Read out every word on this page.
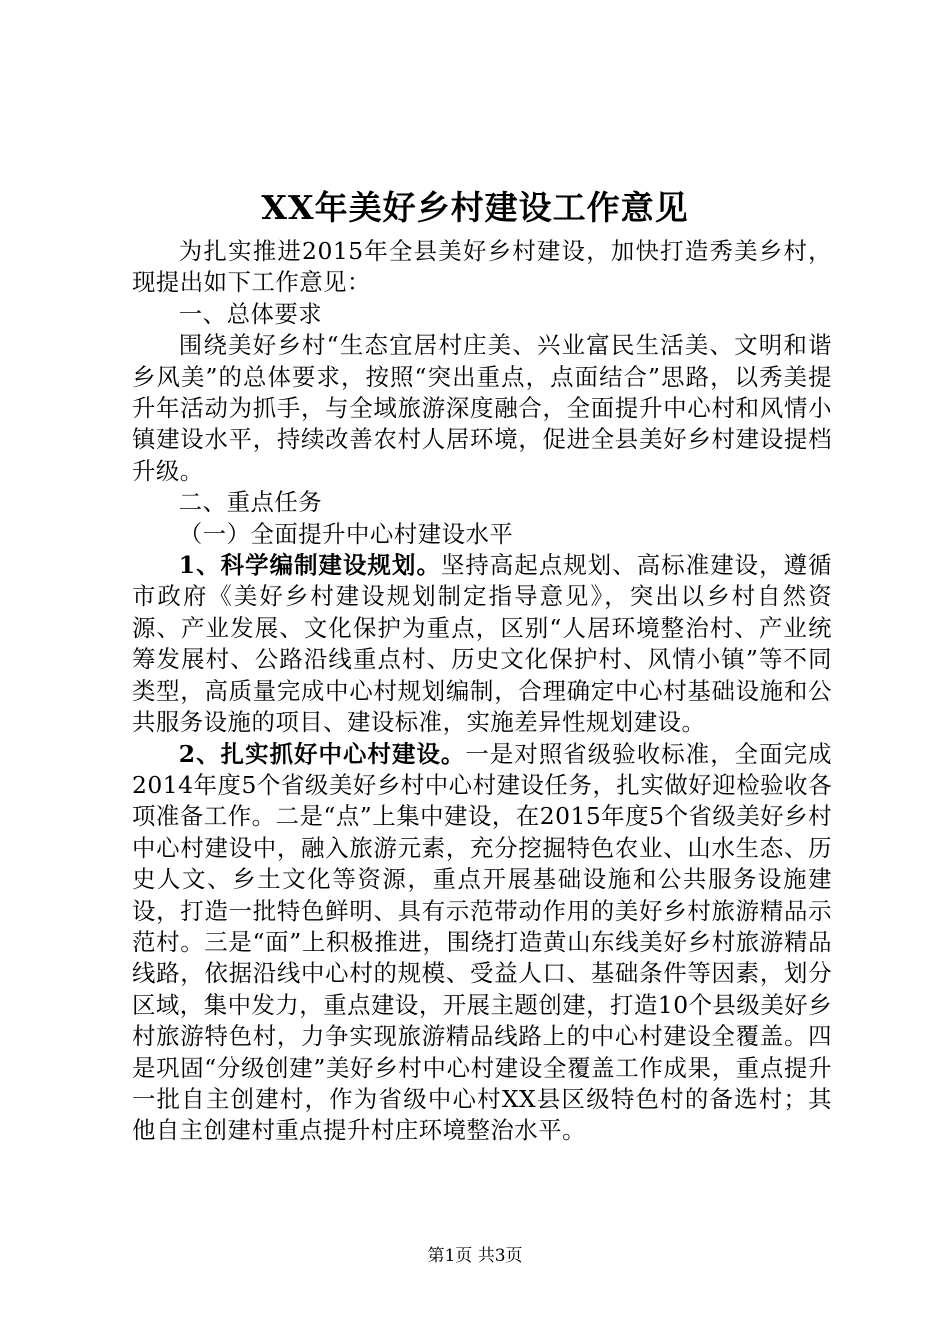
XX年美好乡村建设工作意见

为扎实推进2015年全县美好乡村建设，加快打造秀美乡村，现提出如下工作意见：

一、总体要求

围绕美好乡村“生态宜居村庄美、兴业富民生活美、文明和谐乡风美”的总体要求，按照“突出重点，点面结合”思路，以秀美提升年活动为抓手，与全域旅游深度融合，全面提升中心村和风情小镇建设水平，持续改善农村人居环境，促进全县美好乡村建设提档升级。

二、重点任务

（一）全面提升中心村建设水平

1、科学编制建设规划。坚持高起点规划、高标准建设，遵循市政府《美好乡村建设规划制定指导意见》，突出以乡村自然资源、产业发展、文化保护为重点，区别“人居环境整治村、产业统筹发展村、公路沿线重点村、历史文化保护村、风情小镇”等不同类型，高质量完成中心村规划编制，合理确定中心村基础设施和公共服务设施的项目、建设标准，实施差异性规划建设。

2、扎实抓好中心村建设。一是对照省级验收标准，全面完成2014年度5个省级美好乡村中心村建设任务，扎实做好迎检验收各项准备工作。二是“点”上集中建设，在2015年度5个省级美好乡村中心村建设中，融入旅游元素，充分挖掘特色农业、山水生态、历史人文、乡土文化等资源，重点开展基础设施和公共服务设施建设，打造一批特色鲜明、具有示范带动作用的美好乡村旅游精品示范村。三是“面”上积极推进，围绕打造黄山东线美好乡村旅游精品线路，依据沿线中心村的规模、受益人口、基础条件等因素，划分区域，集中发力，重点建设，开展主题创建，打造10个县级美好乡村旅游特色村，力争实现旅游精品线路上的中心村建设全覆盖。四是巩固“分级创建”美好乡村中心村建设全覆盖工作成果，重点提升一批自主创建村，作为省级中心村XX县区级特色村的备选村；其他自主创建村重点提升村庄环境整治水平。

第1页 共3页
